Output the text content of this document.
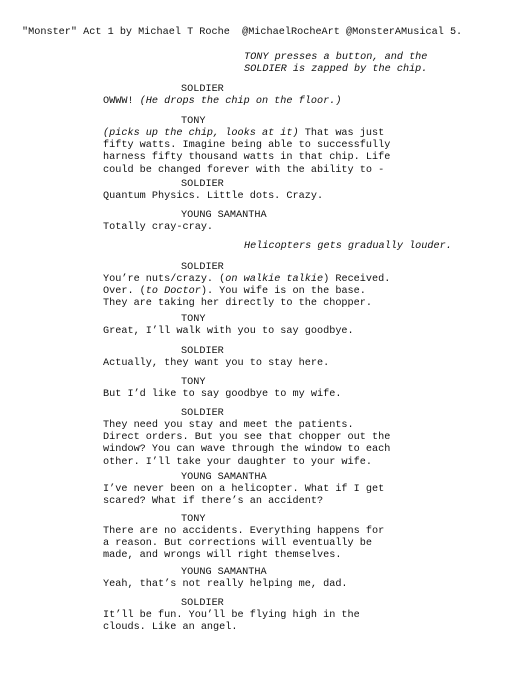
"Monster" Act 1 by Michael T Roche  @MichaelRocheArt @MonsterAMusical 5.
TONY presses a button, and the
SOLDIER is zapped by the chip.
SOLDIER
OWWW! (He drops the chip on the floor.)
TONY
(picks up the chip, looks at it) That was just
fifty watts. Imagine being able to successfully
harness fifty thousand watts in that chip. Life
could be changed forever with the ability to -
SOLDIER
Quantum Physics. Little dots. Crazy.
YOUNG SAMANTHA
Totally cray-cray.
Helicopters gets gradually louder.
SOLDIER
You’re nuts/crazy. (on walkie talkie) Received.
Over. (to Doctor). You wife is on the base.
They are taking her directly to the chopper.
TONY
Great, I’ll walk with you to say goodbye.
SOLDIER
Actually, they want you to stay here.
TONY
But I’d like to say goodbye to my wife.
SOLDIER
They need you stay and meet the patients.
Direct orders. But you see that chopper out the
window? You can wave through the window to each
other. I’ll take your daughter to your wife.
YOUNG SAMANTHA
I’ve never been on a helicopter. What if I get
scared? What if there’s an accident?
TONY
There are no accidents. Everything happens for
a reason. But corrections will eventually be
made, and wrongs will right themselves.
YOUNG SAMANTHA
Yeah, that’s not really helping me, dad.
SOLDIER
It’ll be fun. You’ll be flying high in the
clouds. Like an angel.
